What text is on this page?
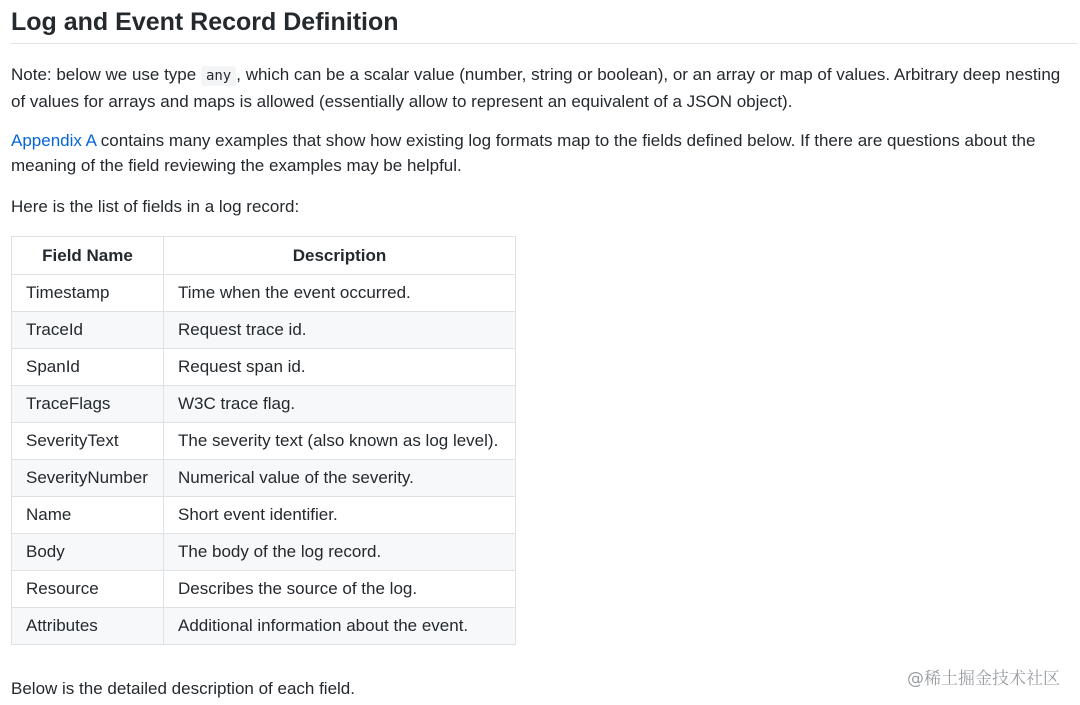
Log and Event Record Definition

Note: below we use type any , which can be a scalar value (number, string or boolean), or an array or map of values. Arbitrary deep nesting of values for arrays and maps is allowed (essentially allow to represent an equivalent of a JSON object).

Appendix A contains many examples that show how existing log formats map to the fields defined below. If there are questions about the meaning of the field reviewing the examples may be helpful.

Here is the list of fields in a log record:

Field Name	Description
Timestamp	Time when the event occurred.
TraceId	Request trace id.
SpanId	Request span id.
TraceFlags	W3C trace flag.
SeverityText	The severity text (also known as log level).
SeverityNumber	Numerical value of the severity.
Name	Short event identifier.
Body	The body of the log record.
Resource	Describes the source of the log.
Attributes	Additional information about the event.

Below is the detailed description of each field.	@稀土掘金技术社区
